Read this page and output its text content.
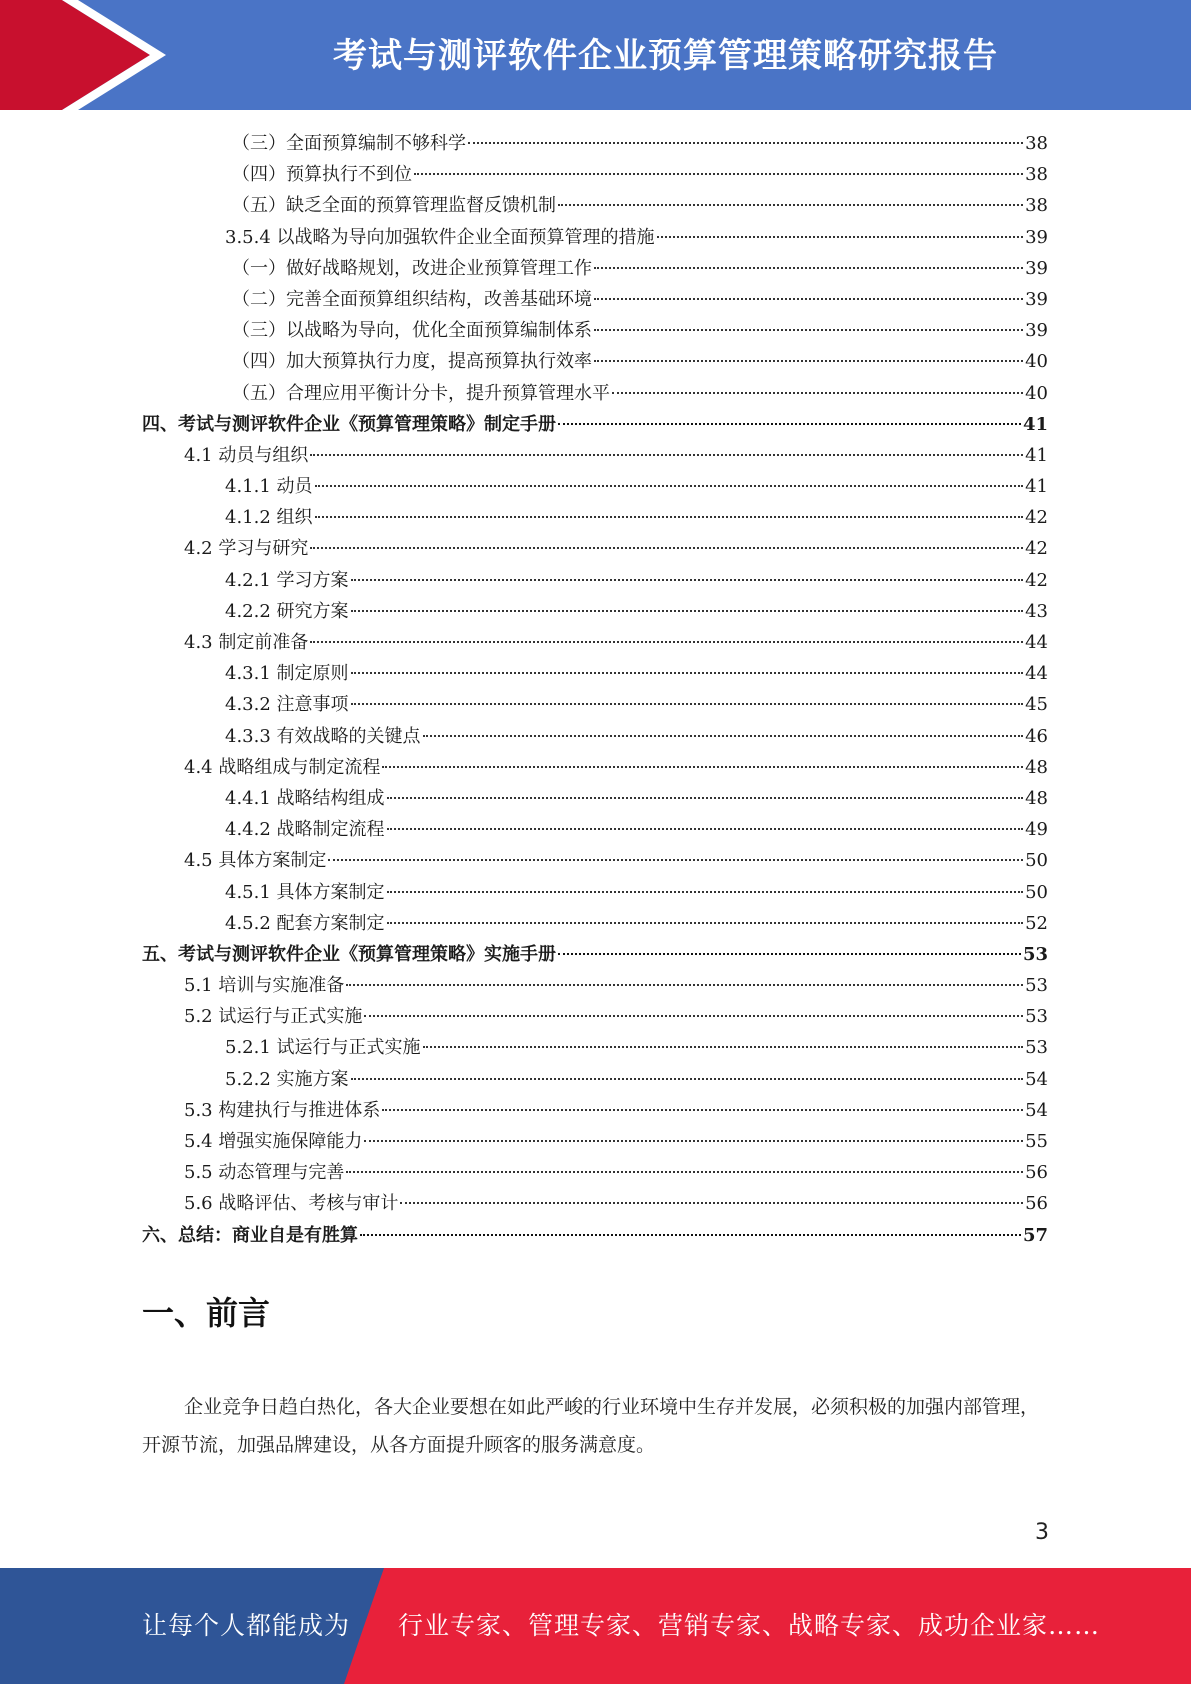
考试与测评软件企业预算管理策略研究报告
（三）全面预算编制不够科学	38
（四）预算执行不到位	38
（五）缺乏全面的预算管理监督反馈机制	38
3.5.4 以战略为导向加强软件企业全面预算管理的措施	39
（一）做好战略规划，改进企业预算管理工作	39
（二）完善全面预算组织结构，改善基础环境	39
（三）以战略为导向，优化全面预算编制体系	39
（四）加大预算执行力度，提高预算执行效率	40
（五）合理应用平衡计分卡，提升预算管理水平	40
四、考试与测评软件企业《预算管理策略》制定手册	41
4.1 动员与组织	41
4.1.1 动员	41
4.1.2 组织	42
4.2 学习与研究	42
4.2.1 学习方案	42
4.2.2 研究方案	43
4.3 制定前准备	44
4.3.1 制定原则	44
4.3.2 注意事项	45
4.3.3 有效战略的关键点	46
4.4 战略组成与制定流程	48
4.4.1 战略结构组成	48
4.4.2 战略制定流程	49
4.5 具体方案制定	50
4.5.1 具体方案制定	50
4.5.2 配套方案制定	52
五、考试与测评软件企业《预算管理策略》实施手册	53
5.1 培训与实施准备	53
5.2 试运行与正式实施	53
5.2.1 试运行与正式实施	53
5.2.2 实施方案	54
5.3 构建执行与推进体系	54
5.4 增强实施保障能力	55
5.5 动态管理与完善	56
5.6 战略评估、考核与审计	56
六、总结：商业自是有胜算	57
一、前言
企业竞争日趋白热化，各大企业要想在如此严峻的行业环境中生存并发展，必须积极的加强内部管理，开源节流，加强品牌建设，从各方面提升顾客的服务满意度。
3
让每个人都能成为 行业专家、管理专家、营销专家、战略专家、成功企业家……
